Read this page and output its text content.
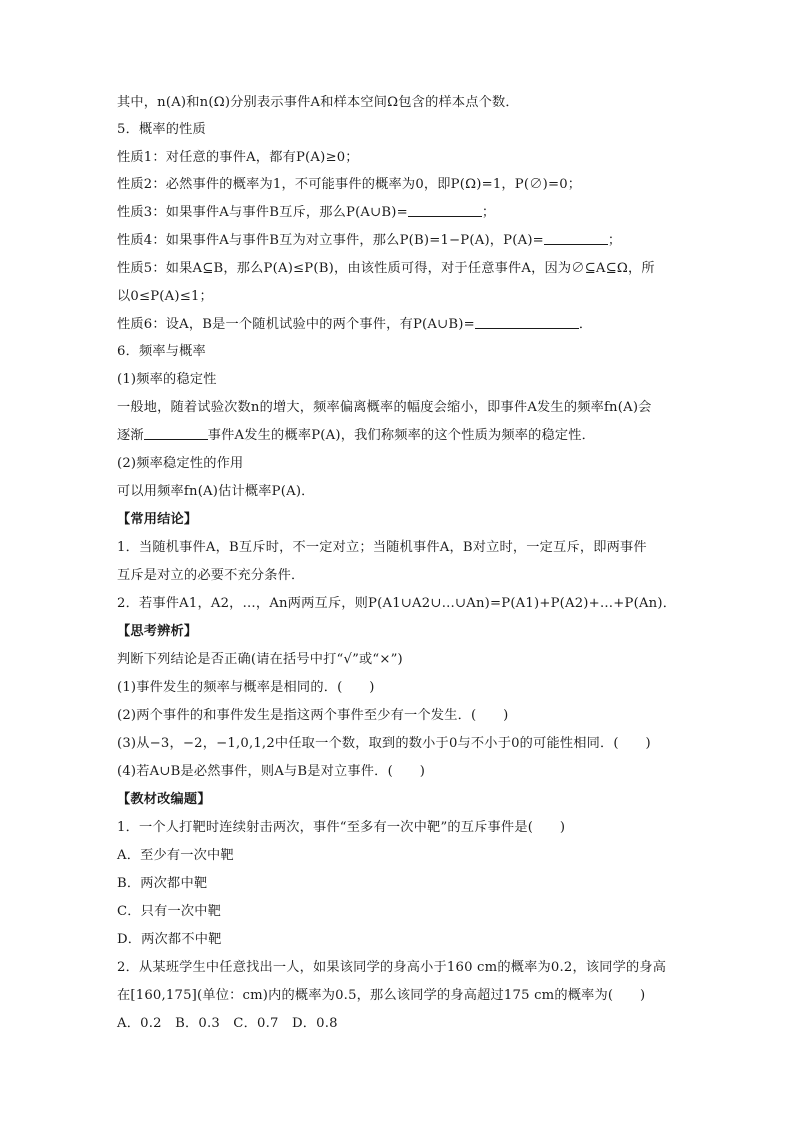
其中，n(A)和n(Ω)分别表示事件A和样本空间Ω包含的样本点个数．
5．概率的性质
性质1：对任意的事件A，都有P(A)≥0；
性质2：必然事件的概率为1，不可能事件的概率为0，即P(Ω)=1，P(∅)=0；
性质3：如果事件A与事件B互斥，那么P(A∪B)=	；
性质4：如果事件A与事件B互为对立事件，那么P(B)=1−P(A)，P(A)=	；
性质5：如果A⊆B，那么P(A)≤P(B)，由该性质可得，对于任意事件A，因为∅⊆A⊆Ω，所
以0≤P(A)≤1；
性质6：设A，B是一个随机试验中的两个事件，有P(A∪B)=	．
6．频率与概率
(1)频率的稳定性
一般地，随着试验次数n的增大，频率偏离概率的幅度会缩小，即事件A发生的频率fn(A)会
逐渐	事件A发生的概率P(A)，我们称频率的这个性质为频率的稳定性．
(2)频率稳定性的作用
可以用频率fn(A)估计概率P(A)．
【常用结论】
1．当随机事件A，B互斥时，不一定对立；当随机事件A，B对立时，一定互斥，即两事件
互斥是对立的必要不充分条件．
2．若事件A1，A2，…，An两两互斥，则P(A1∪A2∪…∪An)=P(A1)+P(A2)+…+P(An)．
【思考辨析】
判断下列结论是否正确(请在括号中打“√”或“×”)
(1)事件发生的频率与概率是相同的．(　　)
(2)两个事件的和事件发生是指这两个事件至少有一个发生．(　　)
(3)从−3，−2，−1,0,1,2中任取一个数，取到的数小于0与不小于0的可能性相同．(　　)
(4)若A∪B是必然事件，则A与B是对立事件．(　　)
【教材改编题】
1．一个人打靶时连续射击两次，事件“至多有一次中靶”的互斥事件是(　　)
A．至少有一次中靶
B．两次都中靶
C．只有一次中靶
D．两次都不中靶
2．从某班学生中任意找出一人，如果该同学的身高小于160 cm的概率为0.2，该同学的身高
在[160,175](单位：cm)内的概率为0.5，那么该同学的身高超过175 cm的概率为(　　)
A．0.2　B．0.3　C．0.7　D．0.8
